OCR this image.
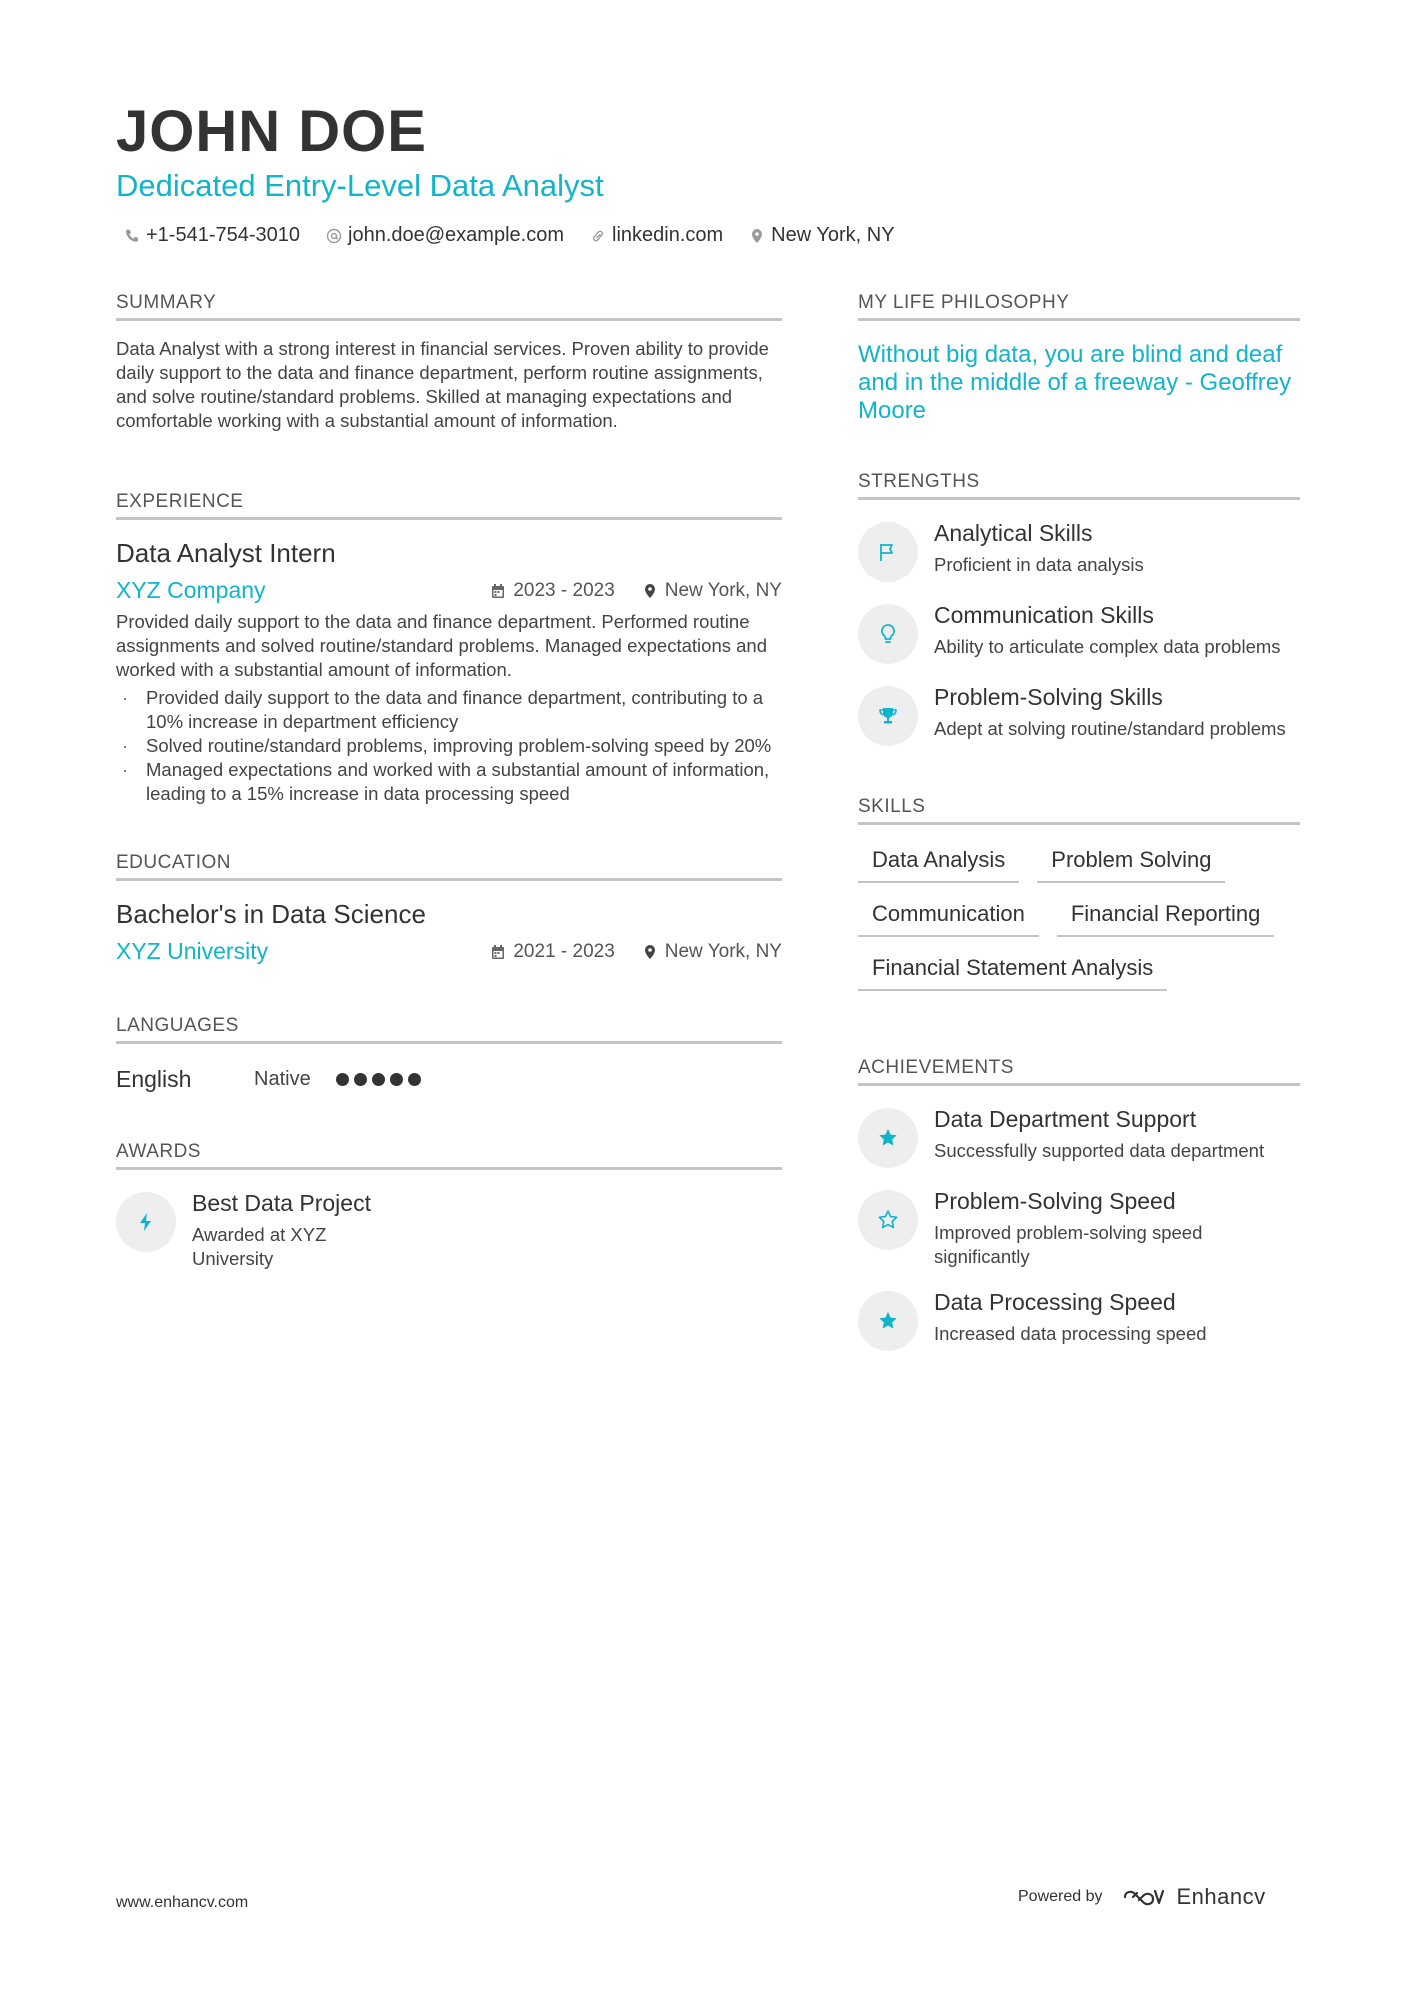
JOHN DOE
Dedicated Entry-Level Data Analyst
+1-541-754-3010 john.doe@example.com linkedin.com New York, NY
SUMMARY

Data Analyst with a strong interest in financial services. Proven ability to provide daily support to the data and finance department, perform routine assignments, and solve routine/standard problems. Skilled at managing expectations and comfortable working with a substantial amount of information.

EXPERIENCE
Data Analyst Intern
XYZ Company	2023 - 2023	New York, NY

Provided daily support to the data and finance department. Performed routine assignments and solved routine/standard problems. Managed expectations and worked with a substantial amount of information.

· Provided daily support to the data and finance department, contributing to a 10% increase in department efficiency
· Solved routine/standard problems, improving problem-solving speed by 20%
· Managed expectations and worked with a substantial amount of information, leading to a 15% increase in data processing speed
EDUCATION
Bachelor's in Data Science
XYZ University	2021 - 2023	New York, NY
LANGUAGES
English	Native
AWARDS
Best Data Project
Awarded at XYZ University
MY LIFE PHILOSOPHY

Without big data, you are blind and deaf and in the middle of a freeway - Geoffrey Moore

STRENGTHS
Analytical Skills
Proficient in data analysis
Communication Skills
Ability to articulate complex data problems
Problem-Solving Skills
Adept at solving routine/standard problems
SKILLS
Data Analysis	Problem Solving
Communication	Financial Reporting
Financial Statement Analysis
ACHIEVEMENTS
Data Department Support
Successfully supported data department
Problem-Solving Speed
Improved problem-solving speed significantly
Data Processing Speed
Increased data processing speed
www.enhancv.com	Powered by	Enhancv
